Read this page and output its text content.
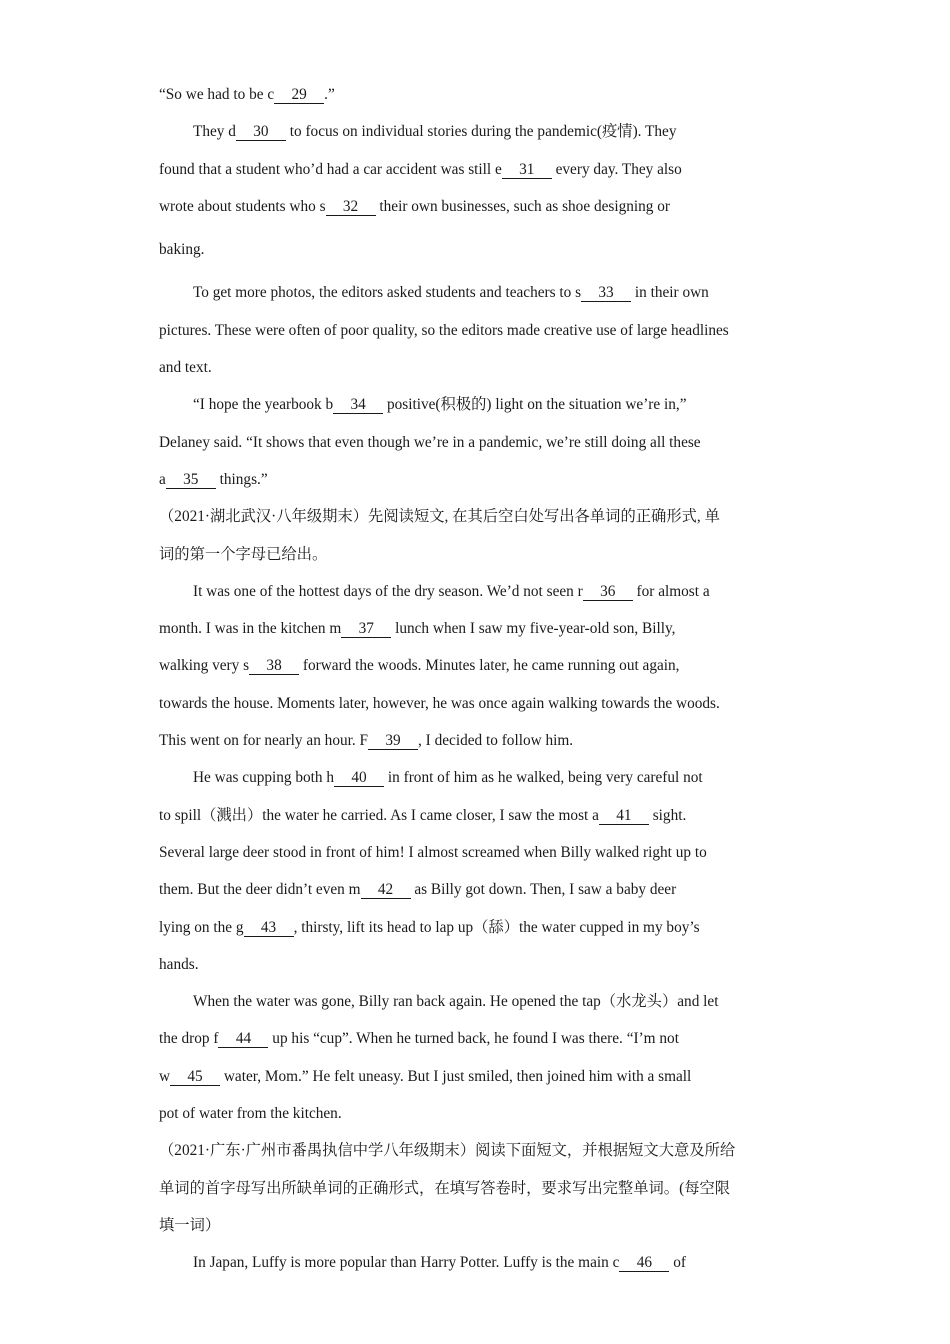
“So we had to be c 29 .”
They d 30 to focus on individual stories during the pandemic(疫情). They
found that a student who’d had a car accident was still e 31 every day. They also
wrote about students who s 32 their own businesses, such as shoe designing or
baking.
To get more photos, the editors asked students and teachers to s 33 in their own
pictures. These were often of poor quality, so the editors made creative use of large headlines
and text.
“I hope the yearbook b 34 positive(积极的) light on the situation we’re in,”
Delaney said. “It shows that even though we’re in a pandemic, we’re still doing all these
a 35 things.”
（2021·湖北武汉·八年级期末）先阅读短文, 在其后空白处写出各单词的正确形式, 单
词的第一个字母已给出。
It was one of the hottest days of the dry season. We’d not seen r 36 for almost a
month. I was in the kitchen m 37 lunch when I saw my five-year-old son, Billy,
walking very s 38 forward the woods. Minutes later, he came running out again,
towards the house. Moments later, however, he was once again walking towards the woods.
This went on for nearly an hour. F 39 , I decided to follow him.
He was cupping both h 40 in front of him as he walked, being very careful not
to spill（溅出）the water he carried. As I came closer, I saw the most a 41 sight.
Several large deer stood in front of him! I almost screamed when Billy walked right up to
them. But the deer didn’t even m 42 as Billy got down. Then, I saw a baby deer
lying on the g 43 , thirsty, lift its head to lap up（舔）the water cupped in my boy’s
hands.
When the water was gone, Billy ran back again. He opened the tap（水龙头）and let
the drop f 44 up his “cup”. When he turned back, he found I was there. “I’m not
w 45 water, Mom.” He felt uneasy. But I just smiled, then joined him with a small
pot of water from the kitchen.
（2021·广东·广州市番禺执信中学八年级期末）阅读下面短文，并根据短文大意及所给
单词的首字母写出所缺单词的正确形式，在填写答卷时，要求写出完整单词。(每空限
填一词）
In Japan, Luffy is more popular than Harry Potter. Luffy is the main c 46 of
